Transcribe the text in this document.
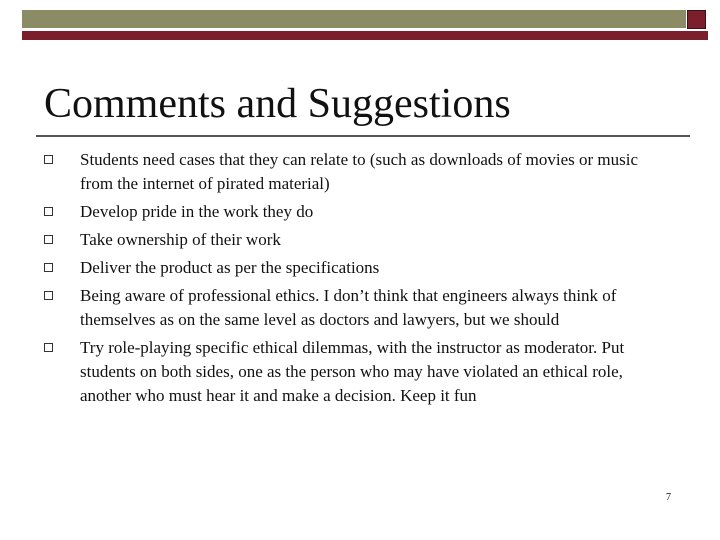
Comments and Suggestions
Students need cases that they can relate to (such as downloads of movies or music from the internet of pirated material)
Develop pride in the work they do
Take ownership of their work
Deliver the product as per the specifications
Being aware of professional ethics. I don’t think that engineers always think of themselves as on the same level as doctors and lawyers, but we should
Try role-playing specific ethical dilemmas, with the instructor as moderator. Put students on both sides, one as the person who may have violated an ethical role, another who must hear it and make a decision. Keep it fun
7
